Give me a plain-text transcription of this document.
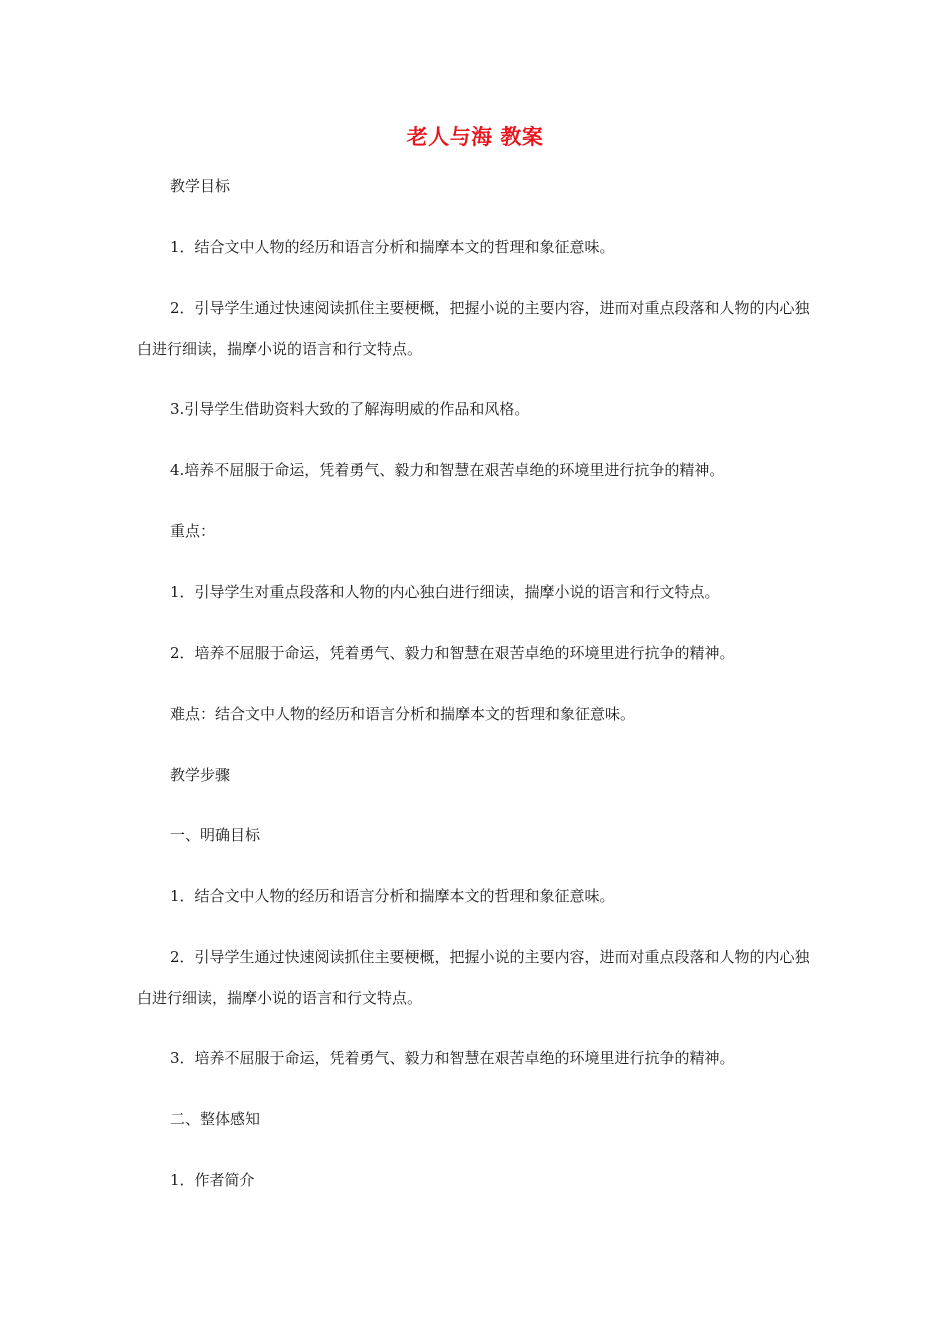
老人与海 教案
教学目标
1．结合文中人物的经历和语言分析和揣摩本文的哲理和象征意味。
2．引导学生通过快速阅读抓住主要梗概，把握小说的主要内容，进而对重点段落和人物的内心独白进行细读，揣摩小说的语言和行文特点。
3.引导学生借助资料大致的了解海明威的作品和风格。
4.培养不屈服于命运，凭着勇气、毅力和智慧在艰苦卓绝的环境里进行抗争的精神。
重点：
1．引导学生对重点段落和人物的内心独白进行细读，揣摩小说的语言和行文特点。
2．培养不屈服于命运，凭着勇气、毅力和智慧在艰苦卓绝的环境里进行抗争的精神。
难点：结合文中人物的经历和语言分析和揣摩本文的哲理和象征意味。
教学步骤
一、明确目标
1．结合文中人物的经历和语言分析和揣摩本文的哲理和象征意味。
2．引导学生通过快速阅读抓住主要梗概，把握小说的主要内容，进而对重点段落和人物的内心独白进行细读，揣摩小说的语言和行文特点。
3．培养不屈服于命运，凭着勇气、毅力和智慧在艰苦卓绝的环境里进行抗争的精神。
二、整体感知
1．作者简介
